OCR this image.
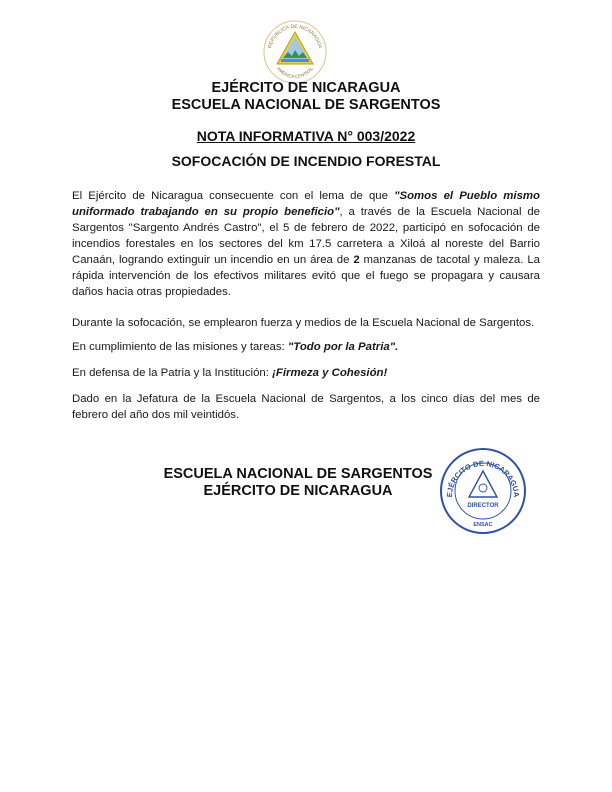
REPÚBLICA DE NICARAGUA
AMÉRICA CENTRAL
EJÉRCITO DE NICARAGUA
ESCUELA NACIONAL DE SARGENTOS
NOTA INFORMATIVA N° 003/2022
SOFOCACIÓN DE INCENDIO FORESTAL

El Ejército de Nicaragua consecuente con el lema de que "Somos el Pueblo mismo uniformado trabajando en su propio beneficio", a través de la Escuela Nacional de Sargentos "Sargento Andrés Castro", el 5 de febrero de 2022, participó en sofocación de incendios forestales en los sectores del km 17.5 carretera a Xiloá al noreste del Barrio Canaán, logrando extinguir un incendio en un área de 2 manzanas de tacotal y maleza. La rápida intervención de los efectivos militares evitó que el fuego se propagara y causara daños hacia otras propiedades.

Durante la sofocación, se emplearon fuerza y medios de la Escuela Nacional de Sargentos.

En cumplimiento de las misiones y tareas: "Todo por la Patria".

En defensa de la Patria y la Institución: ¡Firmeza y Cohesión!

Dado en la Jefatura de la Escuela Nacional de Sargentos, a los cinco días del mes de febrero del año dos mil veintidós.

ESCUELA NACIONAL DE SARGENTOS
EJÉRCITO DE NICARAGUA	EJÉRCITO DE NICARAGUA
DIRECTOR
ENSAC
